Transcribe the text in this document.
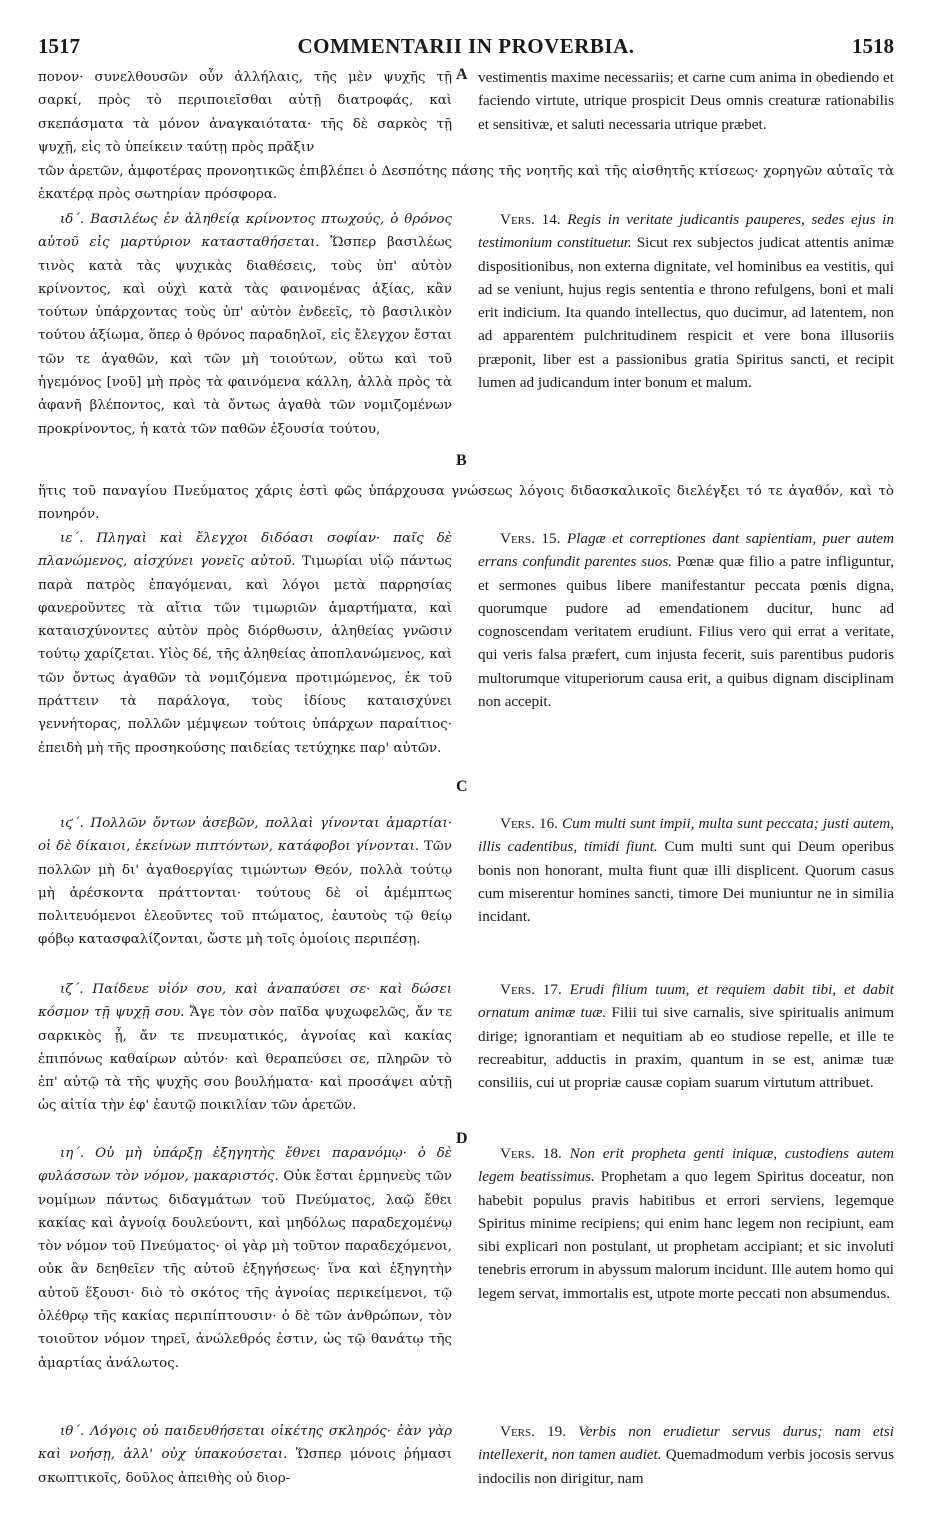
1517	COMMENTARII IN PROVERBIA.	1518

πονον· συνελθουσῶν οὖν ἀλλήλαις, τῆς μὲν ψυχῆς τῇ σαρκί, πρὸς τὸ περιποιεῖσθαι αὐτῇ διατροφάς, καὶ σκεπάσματα τὰ μόνον ἀναγκαιότατα· τῆς δὲ σαρκὸς τῇ ψυχῇ, εἰς τὸ ὑπείκειν ταύτῃ πρὸς πρᾶξιν

A vestimentis maxime necessariis; et carne cum anima in obediendo et faciendo virtute, utrique prospicit Deus omnis creaturæ rationabilis et sensitivæ, et saluti necessaria utrique præbet.

τῶν ἀρετῶν, ἀμφοτέρας προνοητικῶς ἐπιβλέπει ὁ Δεσπότης πάσης τῆς νοητῆς καὶ τῆς αἰσθητῆς κτίσεως· χορηγῶν αὐταῖς τὰ ἑκατέρᾳ πρὸς σωτηρίαν πρόσφορα.

ιδ΄. Βασιλέως ἐν ἀληθείᾳ κρίνοντος πτωχούς, ὁ θρόνος αὐτοῦ εἰς μαρτύριον κατασταθήσεται. Ὥσπερ βασιλέως τινὸς κατὰ τὰς ψυχικὰς διαθέσεις, τοὺς ὑπ' αὐτὸν κρίνοντος, καὶ οὐχὶ κατὰ τὰς φαινομένας ἀξίας, κἂν τούτων ὑπάρχοντας τοὺς ὑπ' αὐτὸν ἐνδεεῖς, τὸ βασιλικὸν τούτου ἀξίωμα, ὅπερ ὁ θρόνος παραδηλοῖ, εἰς ἔλεγχον ἔσται τῶν τε ἀγαθῶν, καὶ τῶν μὴ τοιούτων, οὕτω καὶ τοῦ ἡγεμόνος [νοῦ] μὴ πρὸς τὰ φαινόμενα κάλλη, ἀλλὰ πρὸς τὰ ἀφανῆ βλέποντος, καὶ τὰ ὄντως ἀγαθὰ τῶν νομιζομένων προκρίνοντος, ἡ κατὰ τῶν παθῶν ἐξουσία τούτου,

Vers. 14. Regis in veritate judicantis pauperes, sedes ejus in testimonium constituetur. Sicut rex subjectos judicat attentis animæ dispositionibus, non externa dignitate, vel hominibus ea vestitis, qui ad se veniunt, hujus regis sententia e throno refulgens, boni et mali erit indicium. Ita quando intellectus, quo ducimur, ad latentem, non ad apparentem pulchritudinem respicit et vere bona illusoriis præponit, liber est a passionibus gratia Spiritus sancti, et recipit lumen ad judicandum inter bonum et malum.

B

ἥτις τοῦ παναγίου Πνεύματος χάρις ἐστὶ φῶς ὑπάρχουσα γνώσεως λόγοις διδασκαλικοῖς διελέγξει τό τε ἀγαθόν, καὶ τὸ πονηρόν.

ιε΄. Πληγαὶ καὶ ἔλεγχοι διδόασι σοφίαν· παῖς δὲ πλανώμενος, αἰσχύνει γονεῖς αὐτοῦ. Τιμωρίαι υἱῷ πάντως παρὰ πατρὸς ἐπαγόμεναι, καὶ λόγοι μετὰ παρρησίας φανεροῦντες τὰ αἴτια τῶν τιμωριῶν ἁμαρτήματα, καὶ καταισχύνοντες αὐτὸν πρὸς διόρθωσιν, ἀληθείας γνῶσιν τούτῳ χαρίζεται. Υἱὸς δέ, τῆς ἀληθείας ἀποπλανώμενος, καὶ τῶν ὄντως ἀγαθῶν τὰ νομιζόμενα προτιμώμενος, ἐκ τοῦ πράττειν τὰ παράλογα, τοὺς ἰδίους καταισχύνει γεννήτορας, πολλῶν μέμψεων τούτοις ὑπάρχων παραίτιος· ἐπειδὴ μὴ τῆς προσηκούσης παιδείας τετύχηκε παρ' αὐτῶν.

Vers. 15. Plagæ et correptiones dant sapientiam, puer autem errans confundit parentes suos. Pœnæ quæ filio a patre infliguntur, et sermones quibus libere manifestantur peccata pœnis digna, quorumque pudore ad emendationem ducitur, hunc ad cognoscendam veritatem erudiunt. Filius vero qui errat a veritate, qui veris falsa præfert, cum injusta fecerit, suis parentibus pudoris multorumque vituperiorum causa erit, a quibus dignam disciplinam non accepit.

C

ιϛ΄. Πολλῶν ὄντων ἀσεβῶν, πολλαὶ γίνονται ἁμαρτίαι· οἱ δὲ δίκαιοι, ἐκείνων πιπτόντων, κατάφοβοι γίνονται. Τῶν πολλῶν μὴ δι' ἀγαθοεργίας τιμώντων Θεόν, πολλὰ τούτῳ μὴ ἀρέσκοντα πράττονται· τούτους δὲ οἱ ἀμέμπτως πολιτευόμενοι ἐλεοῦντες τοῦ πτώματος, ἑαυτοὺς τῷ θείῳ φόβῳ κατασφαλίζονται, ὥστε μὴ τοῖς ὁμοίοις περιπέσῃ.

Vers. 16. Cum multi sunt impii, multa sunt peccata; justi autem, illis cadentibus, timidi fiunt. Cum multi sunt qui Deum operibus bonis non honorant, multa fiunt quæ illi displicent. Quorum casus cum miserentur homines sancti, timore Dei muniuntur ne in similia incidant.

ιζ΄. Παίδευε υἱόν σου, καὶ ἀναπαύσει σε· καὶ δώσει κόσμον τῇ ψυχῇ σου. Ἄγε τὸν σὸν παῖδα ψυχωφελῶς, ἄν τε σαρκικὸς ᾖ, ἄν τε πνευματικός, ἀγνοίας καὶ κακίας ἐπιπόνως καθαίρων αὐτόν· καὶ θεραπεύσει σε, πληρῶν τὸ ἐπ' αὐτῷ τὰ τῆς ψυχῆς σου βουλήματα· καὶ προσάψει αὐτῇ ὡς αἰτία τὴν ἐφ' ἑαυτῷ ποικιλίαν τῶν ἀρετῶν.

Vers. 17. Erudi filium tuum, et requiem dabit tibi, et dabit ornatum animæ tuæ. Filii tui sive carnalis, sive spiritualis animum dirige; ignorantiam et nequitiam ab eo studiose repelle, et ille te recreabitur, adductis in praxim, quantum in se est, animæ tuæ consiliis, cui ut propriæ causæ copiam suarum virtutum attribuet.

D

ιη΄. Οὐ μὴ ὑπάρξῃ ἐξηγητὴς ἔθνει παρανόμῳ· ὁ δὲ φυλάσσων τὸν νόμον, μακαριστός. Οὐκ ἔσται ἑρμηνεὺς τῶν νομίμων πάντως διδαγμάτων τοῦ Πνεύματος, λαῷ ἔθει κακίας καὶ ἀγνοίᾳ δουλεύοντι, καὶ μηδόλως παραδεχομένῳ τὸν νόμον τοῦ Πνεύματος· οἱ γὰρ μὴ τοῦτον παραδεχόμενοι, οὐκ ἂν δεηθεῖεν τῆς αὐτοῦ ἐξηγήσεως· ἵνα καὶ ἐξηγητὴν αὐτοῦ ἕξουσι· διὸ τὸ σκότος τῆς ἀγνοίας περικείμενοι, τῷ ὀλέθρῳ τῆς κακίας περιπίπτουσιν· ὁ δὲ τῶν ἀνθρώπων, τὸν τοιοῦτον νόμον τηρεῖ, ἀνώλεθρός ἐστιν, ὡς τῷ θανάτῳ τῆς ἁμαρτίας ἀνάλωτος.

Vers. 18. Non erit propheta genti iniquæ, custodiens autem legem beatissimus. Prophetam a quo legem Spiritus doceatur, non habebit populus pravis habitibus et errori serviens, legemque Spiritus minime recipiens; qui enim hanc legem non recipiunt, eam sibi explicari non postulant, ut prophetam accipiant; et sic involuti tenebris errorum in abyssum malorum incidunt. Ille autem homo qui legem servat, immortalis est, utpote morte peccati non absumendus.

ιθ΄. Λόγοις οὐ παιδευθήσεται οἰκέτης σκληρός· ἐὰν γὰρ καὶ νοήσῃ, ἀλλ' οὐχ ὑπακούσεται. Ὥσπερ μόνοις ῥήμασι σκωπτικοῖς, δοῦλος ἀπειθὴς οὐ διορ-

Vers. 19. Verbis non erudietur servus durus; nam etsi intellexerit, non tamen audiet. Quemadmodum verbis jocosis servus indocilis non dirigitur, nam
